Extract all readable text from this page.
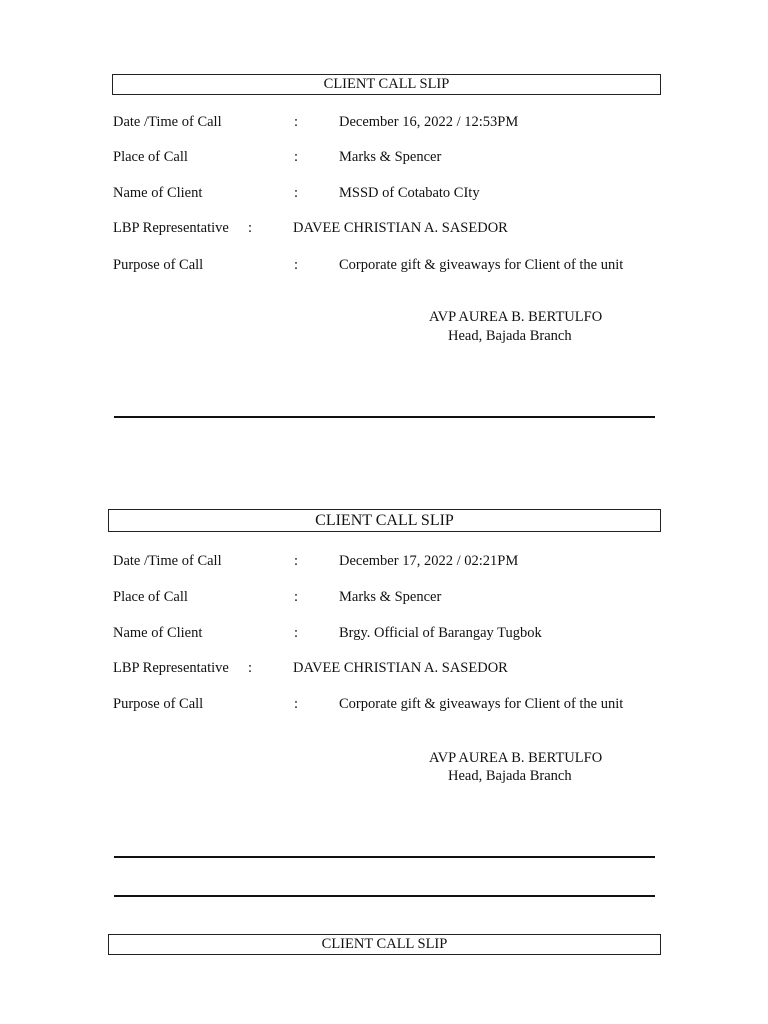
CLIENT CALL SLIP
Date /Time of Call	:	December 16, 2022 / 12:53PM
Place of Call	:	Marks & Spencer
Name of Client	:	MSSD of Cotabato CIty
LBP Representative :	DAVEE CHRISTIAN A. SASEDOR
Purpose of Call	:	Corporate gift & giveaways for Client of the unit
AVP AUREA B. BERTULFO
Head, Bajada Branch
CLIENT CALL SLIP
Date /Time of Call	:	December 17, 2022 / 02:21PM
Place of Call	:	Marks & Spencer
Name of Client	:	Brgy. Official of Barangay Tugbok
LBP Representative :	DAVEE CHRISTIAN A. SASEDOR
Purpose of Call	:	Corporate gift & giveaways for Client of the unit
AVP AUREA B. BERTULFO
Head, Bajada Branch
CLIENT CALL SLIP
